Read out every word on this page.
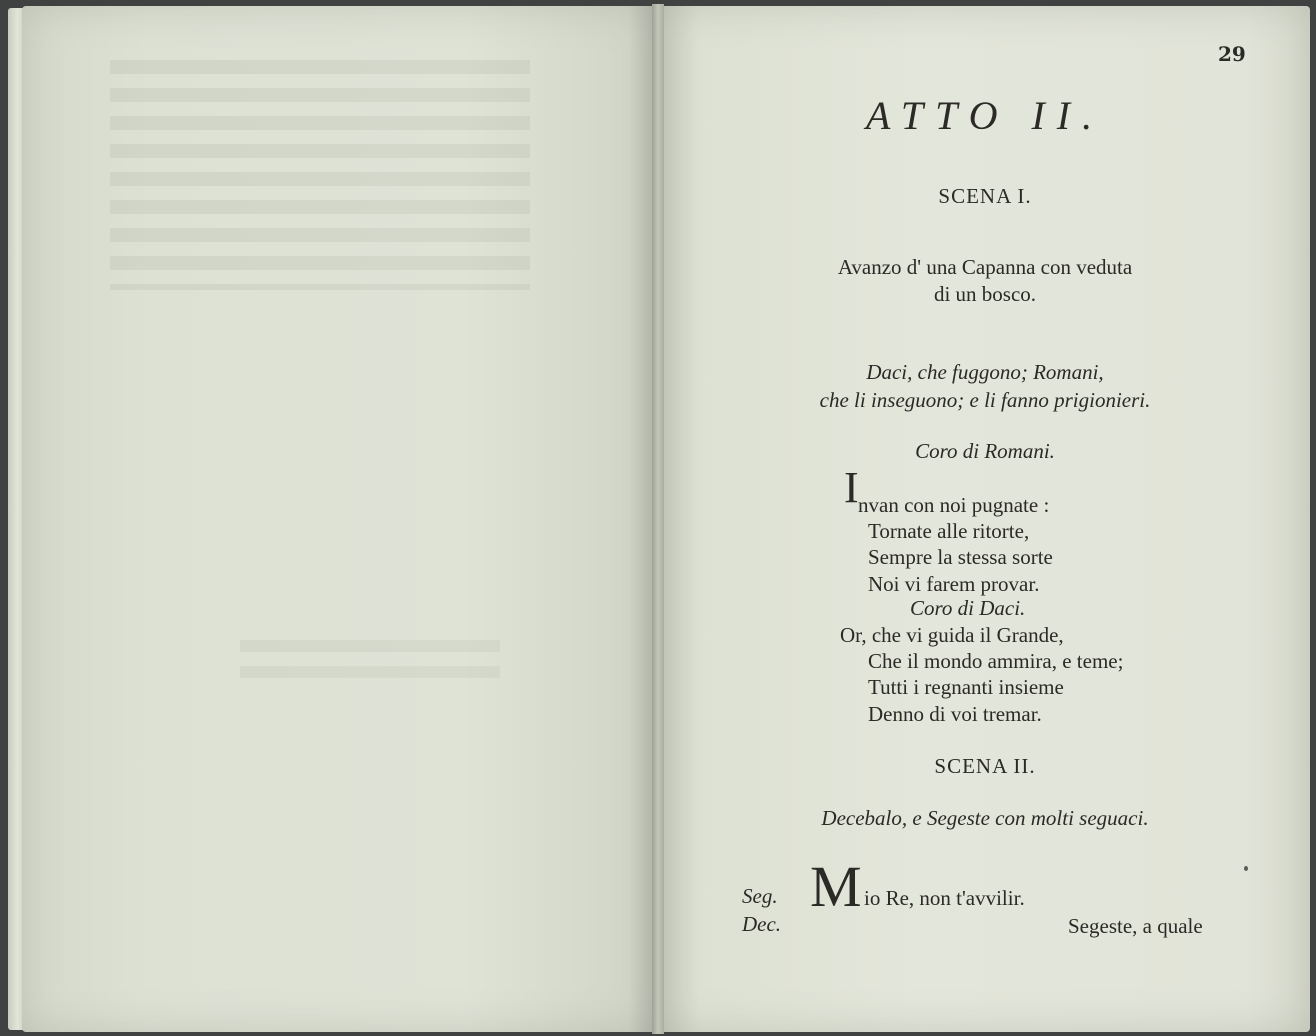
29
ATTO II.
SCENA I.
Avanzo d' una Capanna con veduta
di un bosco.
Daci, che fuggono; Romani,
che li inseguono; e li fanno prigionieri.
Coro di Romani.
I nvan con noi pugnate :
Tornate alle ritorte,
Sempre la stessa sorte
Noi vi farem provar.
Coro di Daci.
Or, che vi guida il Grande,
Che il mondo ammira, e teme;
Tutti i regnanti insieme
Denno di voi tremar.
SCENA II.
Decebalo, e Segeste con molti seguaci.
Seg. M io Re, non t'avvilir.
Dec.	Segeste, a quale
